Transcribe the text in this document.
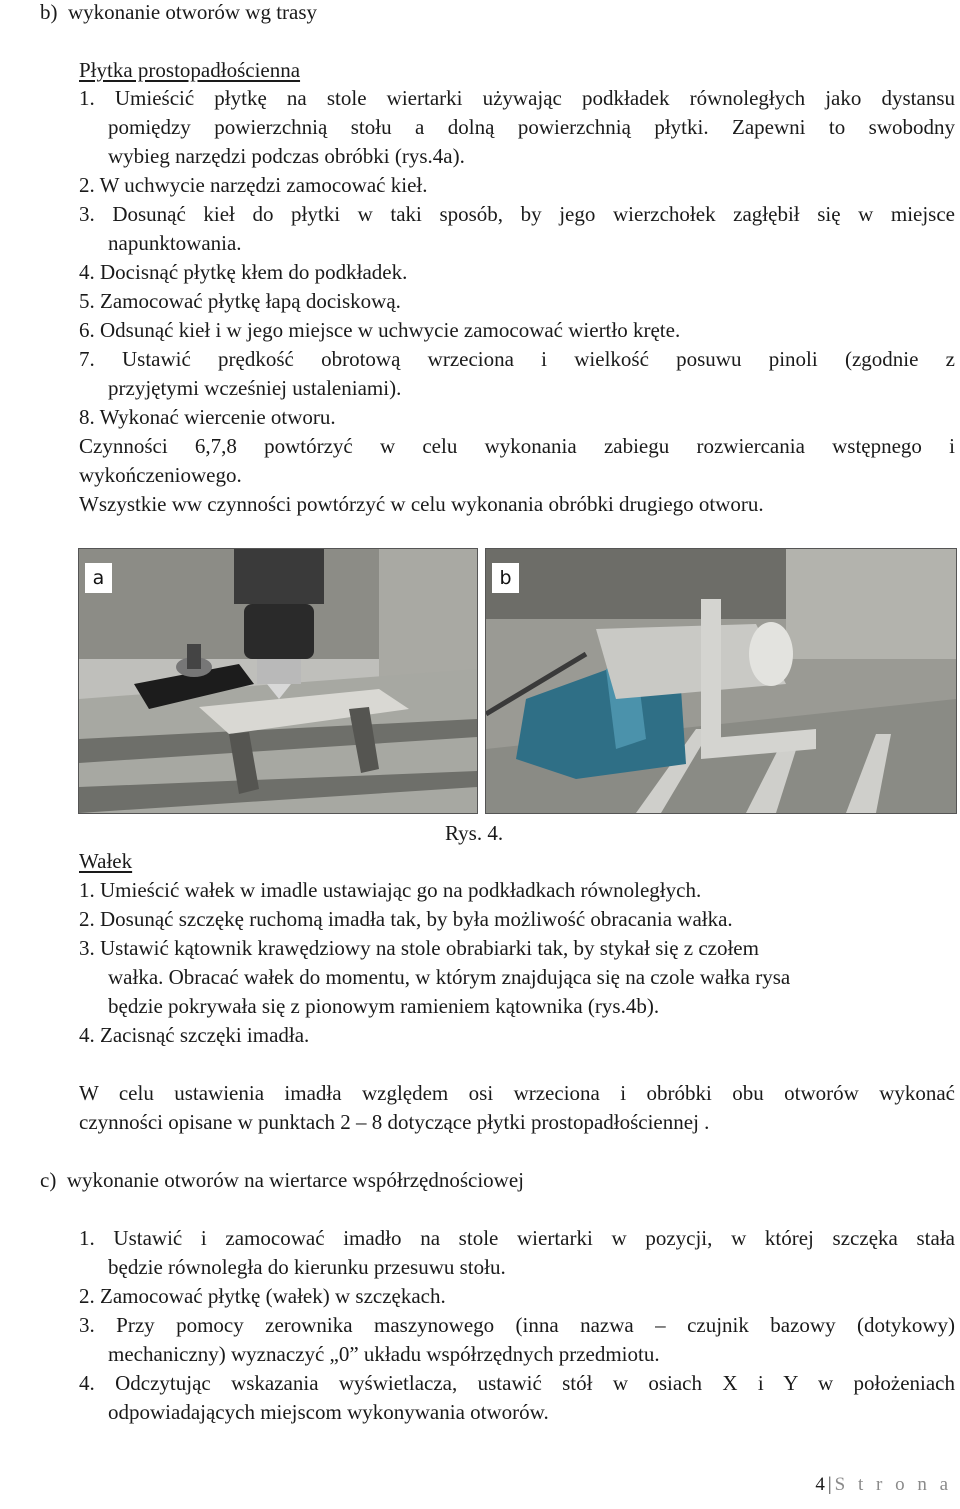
b)  wykonanie otworów wg trasy
Płytka prostopadłościenna
1. Umieścić płytkę na stole wiertarki używając podkładek równoległych jako dystansu
pomiędzy powierzchnią stołu a dolną powierzchnią płytki. Zapewni to swobodny
wybieg narzędzi podczas obróbki (rys.4a).
2. W uchwycie narzędzi zamocować kieł.
3. Dosunąć kieł do płytki w taki sposób, by jego wierzchołek zagłębił się w miejsce
napunktowania.
4. Docisnąć płytkę kłem do podkładek.
5. Zamocować płytkę łapą dociskową.
6. Odsunąć kieł i w jego miejsce w uchwycie zamocować wiertło kręte.
7. Ustawić prędkość obrotową wrzeciona i wielkość posuwu pinoli (zgodnie z
przyjętymi wcześniej ustaleniami).
8. Wykonać wiercenie otworu.
Czynności 6,7,8 powtórzyć w celu wykonania zabiegu rozwiercania wstępnego i
wykończeniowego.
Wszystkie ww czynności powtórzyć w celu wykonania obróbki drugiego otworu.
a	b
Rys. 4.
Wałek
1. Umieścić wałek w imadle ustawiając go na podkładkach równoległych.
2. Dosunąć szczękę ruchomą imadła tak, by była możliwość obracania wałka.
3. Ustawić kątownik krawędziowy na stole obrabiarki tak, by stykał się z czołem
wałka. Obracać wałek do momentu, w którym znajdująca się na czole wałka rysa
będzie pokrywała się z pionowym ramieniem kątownika (rys.4b).
4. Zacisnąć szczęki imadła.
W celu ustawienia imadła względem osi wrzeciona i obróbki obu otworów wykonać
czynności opisane w punktach 2 – 8 dotyczące płytki prostopadłościennej .
c)  wykonanie otworów na wiertarce współrzędnościowej
1. Ustawić i zamocować imadło na stole wiertarki w pozycji, w której szczęka stała
będzie równoległa do kierunku przesuwu stołu.
2. Zamocować płytkę (wałek) w szczękach.
3. Przy pomocy zerownika maszynowego (inna nazwa – czujnik bazowy (dotykowy)
mechaniczny) wyznaczyć „0” układu współrzędnych przedmiotu.
4. Odczytując wskazania wyświetlacza, ustawić stół w osiach X i Y w położeniach
odpowiadających miejscom wykonywania otworów.
4 | S t r o n a
